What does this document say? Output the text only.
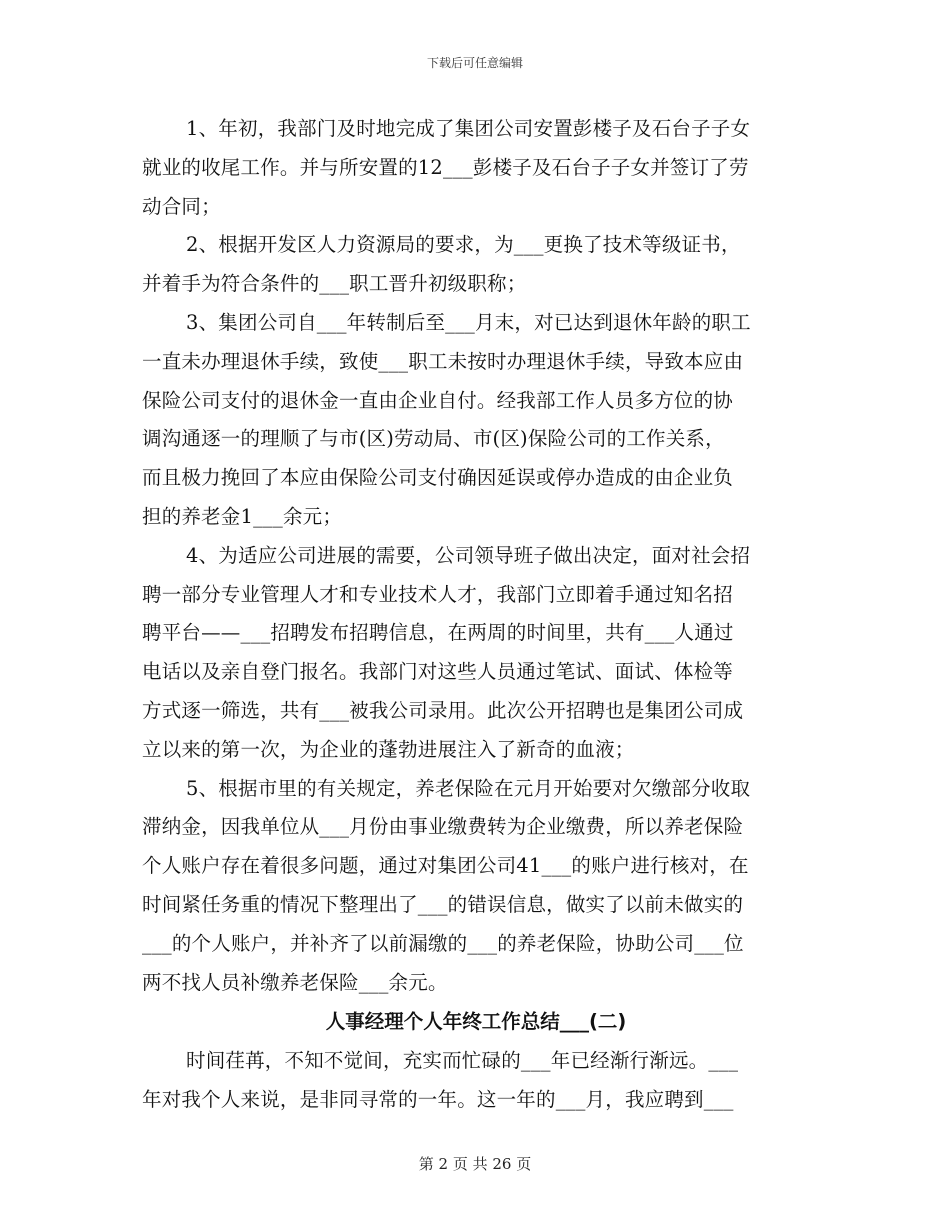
下载后可任意编辑
1、年初，我部门及时地完成了集团公司安置彭楼子及石台子子女
就业的收尾工作。并与所安置的12___彭楼子及石台子子女并签订了劳
动合同；
2、根据开发区人力资源局的要求，为___更换了技术等级证书，
并着手为符合条件的___职工晋升初级职称；
3、集团公司自___年转制后至___月末，对已达到退休年龄的职工
一直未办理退休手续，致使___职工未按时办理退休手续，导致本应由
保险公司支付的退休金一直由企业自付。经我部工作人员多方位的协
调沟通逐一的理顺了与市(区)劳动局、市(区)保险公司的工作关系，
而且极力挽回了本应由保险公司支付确因延误或停办造成的由企业负
担的养老金1___余元；
4、为适应公司进展的需要，公司领导班子做出决定，面对社会招
聘一部分专业管理人才和专业技术人才，我部门立即着手通过知名招
聘平台——___招聘发布招聘信息，在两周的时间里，共有___人通过
电话以及亲自登门报名。我部门对这些人员通过笔试、面试、体检等
方式逐一筛选，共有___被我公司录用。此次公开招聘也是集团公司成
立以来的第一次，为企业的蓬勃进展注入了新奇的血液；
5、根据市里的有关规定，养老保险在元月开始要对欠缴部分收取
滞纳金，因我单位从___月份由事业缴费转为企业缴费，所以养老保险
个人账户存在着很多问题，通过对集团公司41___的账户进行核对，在
时间紧任务重的情况下整理出了___的错误信息，做实了以前未做实的
___的个人账户，并补齐了以前漏缴的___的养老保险，协助公司___位
两不找人员补缴养老保险___余元。
人事经理个人年终工作总结___(二)
时间荏苒，不知不觉间，充实而忙碌的___年已经渐行渐远。___
年对我个人来说，是非同寻常的一年。这一年的___月，我应聘到___
第 2 页 共 26 页
